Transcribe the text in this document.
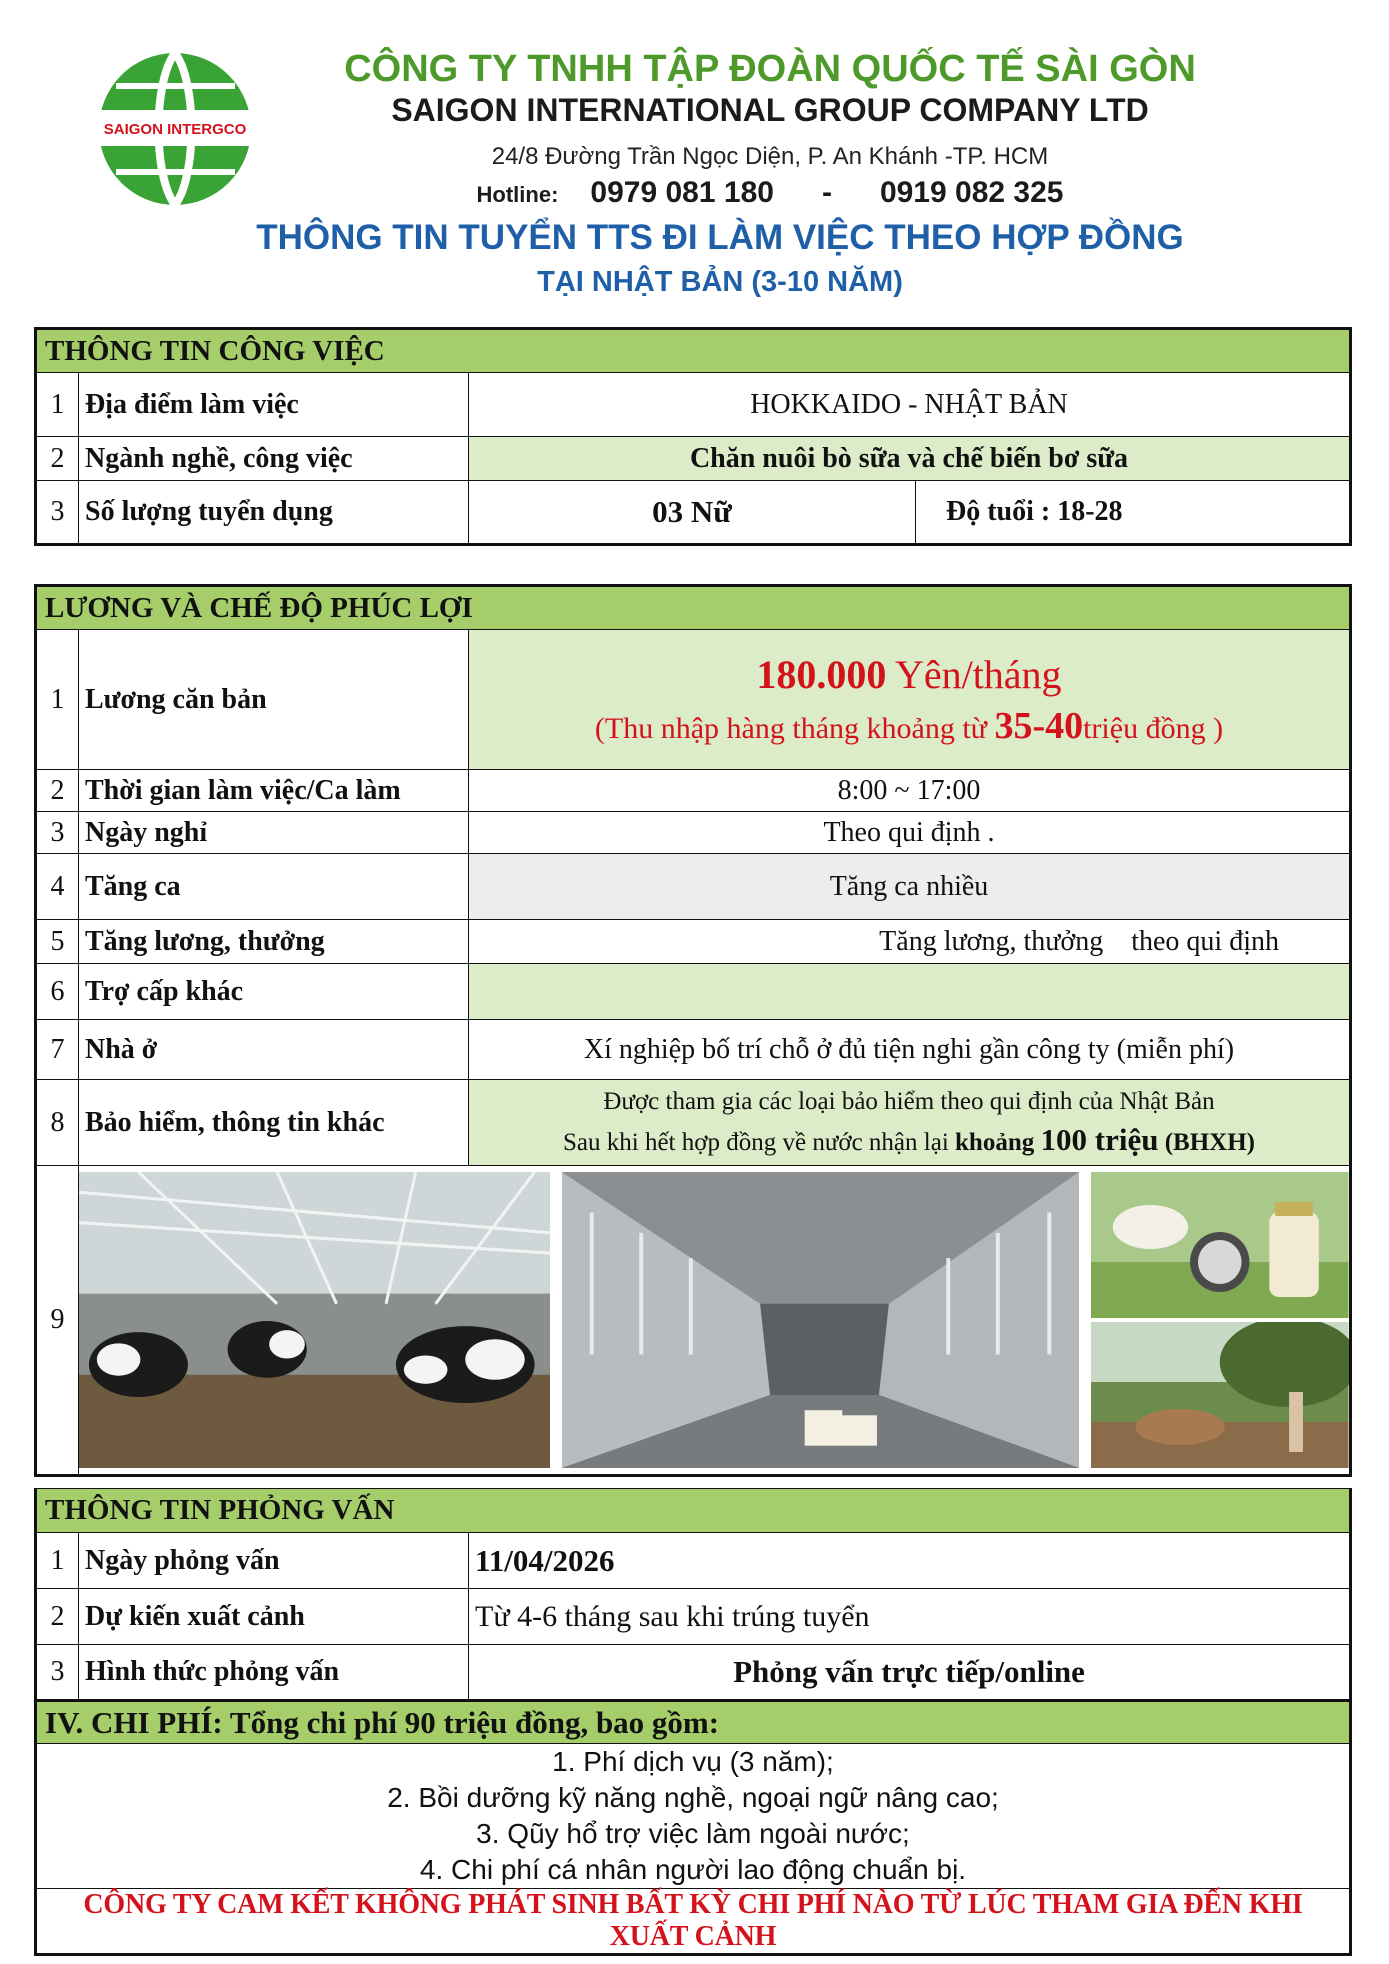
SAIGON INTERGCO
CÔNG TY TNHH TẬP ĐOÀN QUỐC TẾ SÀI GÒN
SAIGON INTERNATIONAL GROUP COMPANY LTD
24/8 Đường Trần Ngọc Diện, P. An Khánh -TP. HCM
Hotline: 0979 081 180 - 0919 082 325
THÔNG TIN TUYỂN TTS ĐI LÀM VIỆC THEO HỢP ĐỒNG
TẠI NHẬT BẢN (3-10 NĂM)
THÔNG TIN CÔNG VIỆC			
1	Địa điểm làm việc	HOKKAIDO - NHẬT BẢN	
2	Ngành nghề, công việc	Chăn nuôi bò sữa và chế biến bơ sữa	
3	Số lượng tuyển dụng	03 Nữ	Độ tuổi : 18-28
LƯƠNG VÀ CHẾ ĐỘ PHÚC LỢI		
1	Lương căn bản	180.000 Yên/tháng
(Thu nhập hàng tháng khoảng từ 35-40triệu đồng )

2	Thời gian làm việc/Ca làm	8:00 ~ 17:00
3	Ngày nghỉ	Theo qui định .
4	Tăng ca	Tăng ca nhiều
5	Tăng lương, thưởng	Tăng lương, thưởng    theo qui định
6	Trợ cấp khác	
7	Nhà ở	Xí nghiệp bố trí chỗ ở đủ tiện nghi gần công ty (miễn phí)
8	Bảo hiểm, thông tin khác	Được tham gia các loại bảo hiểm theo qui định của Nhật Bản
Sau khi hết hợp đồng về nước nhận lại khoảng 100 triệu (BHXH)

9	
THÔNG TIN PHỎNG VẤN		
1	Ngày phỏng vấn	11/04/2026
2	Dự kiến xuất cảnh	Từ 4-6 tháng sau khi trúng tuyển
3	Hình thức phỏng vấn	Phỏng vấn trực tiếp/online
IV. CHI PHÍ: Tổng chi phí 90 triệu đồng, bao gồm:

1. Phí dịch vụ (3 năm);
2. Bồi dưỡng kỹ năng nghề, ngoại ngữ nâng cao;
3. Qũy hổ trợ việc làm ngoài nước;
4. Chi phí cá nhân người lao động chuẩn bị.

CÔNG TY CAM KẾT KHÔNG PHÁT SINH BẤT KỲ CHI PHÍ NÀO TỪ LÚC THAM GIA ĐẾN KHI XUẤT CẢNH
